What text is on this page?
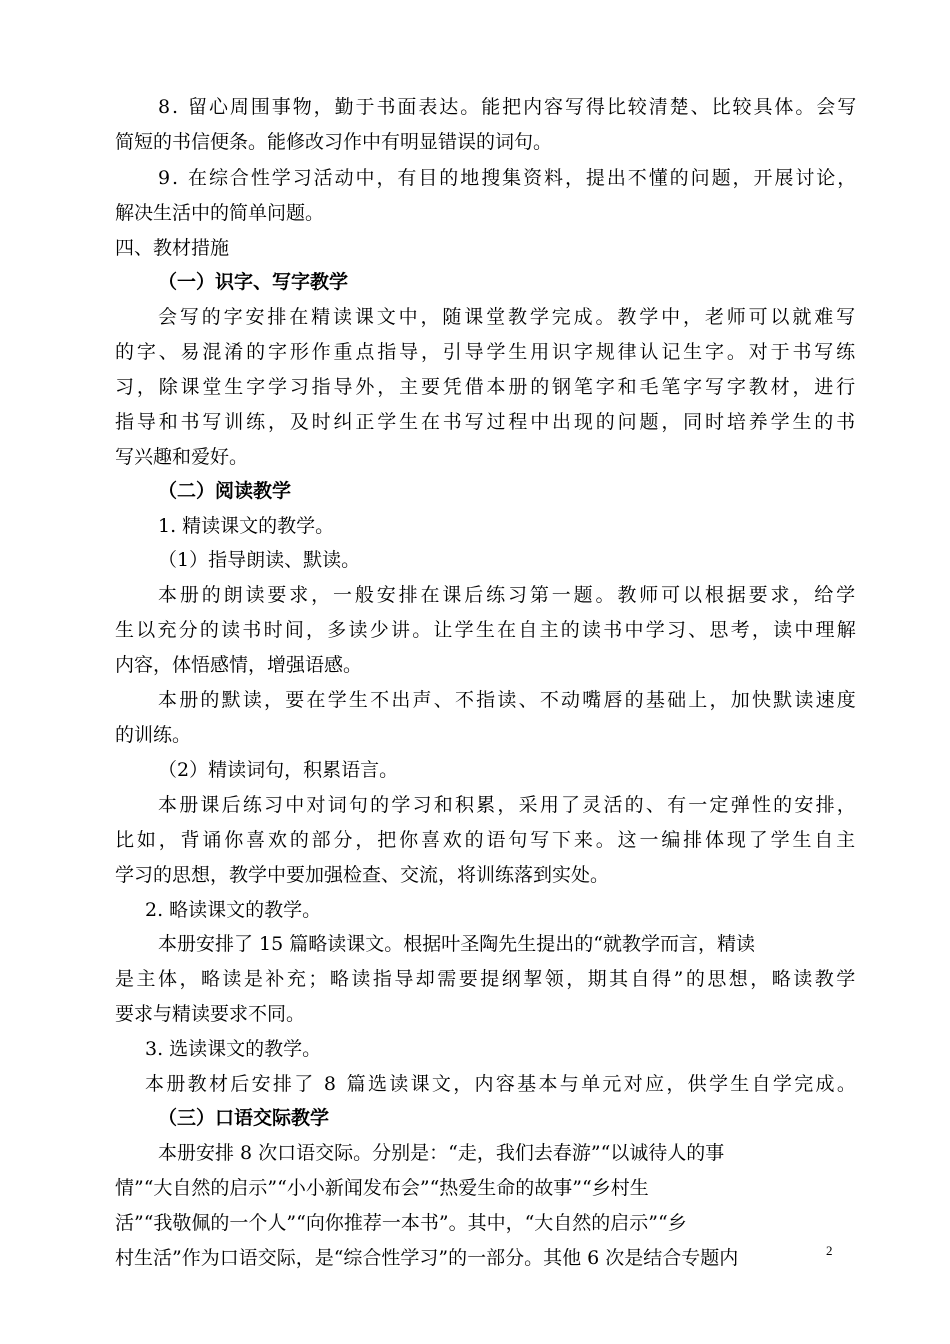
8. 留心周围事物，勤于书面表达。能把内容写得比较清楚、比较具体。会写
简短的书信便条。能修改习作中有明显错误的词句。
9. 在综合性学习活动中，有目的地搜集资料，提出不懂的问题，开展讨论，
解决生活中的简单问题。
四、教材措施
（一）识字、写字教学
会写的字安排在精读课文中，随课堂教学完成。教学中，老师可以就难写
的字、易混淆的字形作重点指导，引导学生用识字规律认记生字。对于书写练
习，除课堂生字学习指导外，主要凭借本册的钢笔字和毛笔字写字教材，进行
指导和书写训练，及时纠正学生在书写过程中出现的问题，同时培养学生的书
写兴趣和爱好。
（二）阅读教学
1. 精读课文的教学。
（1）指导朗读、默读。
本册的朗读要求，一般安排在课后练习第一题。教师可以根据要求，给学
生以充分的读书时间，多读少讲。让学生在自主的读书中学习、思考，读中理解
内容，体悟感情，增强语感。
本册的默读，要在学生不出声、不指读、不动嘴唇的基础上，加快默读速度
的训练。
（2）精读词句，积累语言。
本册课后练习中对词句的学习和积累，采用了灵活的、有一定弹性的安排，
比如，背诵你喜欢的部分，把你喜欢的语句写下来。这一编排体现了学生自主
学习的思想，教学中要加强检查、交流，将训练落到实处。
2. 略读课文的教学。
本册安排了 15 篇略读课文。根据叶圣陶先生提出的“就教学而言，精读
是主体，略读是补充；略读指导却需要提纲挈领，期其自得”的思想，略读教学
要求与精读要求不同。
3. 选读课文的教学。
本册教材后安排了 8 篇选读课文，内容基本与单元对应，供学生自学完成。
（三）口语交际教学
本册安排 8 次口语交际。分别是：“走，我们去春游”“以诚待人的事
情”“大自然的启示”“小小新闻发布会”“热爱生命的故事”“乡村生
活”“我敬佩的一个人”“向你推荐一本书”。其中，“大自然的启示”“乡
村生活”作为口语交际，是“综合性学习”的一部分。其他 6 次是结合专题内	2
